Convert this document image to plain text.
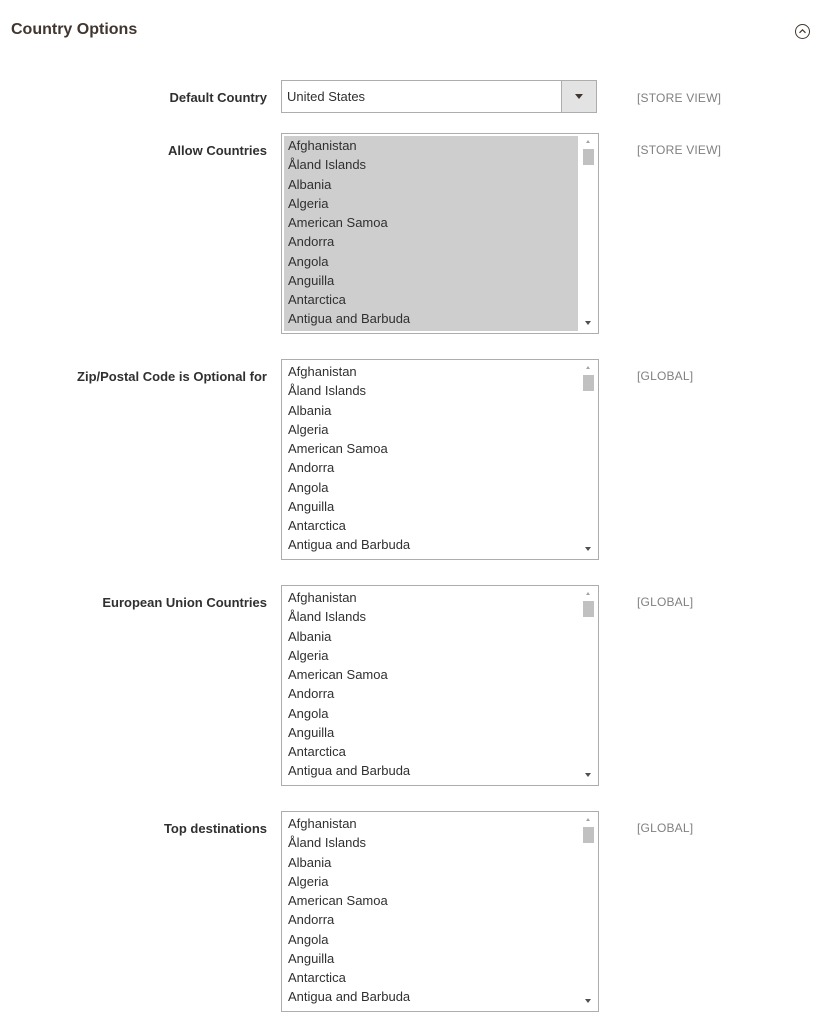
Country Options
Default Country United States	[STORE VIEW]
Allow Countries	Afghanistan
Åland Islands
Albania
Algeria
American Samoa
Andorra
Angola
Anguilla
Antarctica
Antigua and Barbuda
[STORE VIEW]
Zip/Postal Code is Optional for	Afghanistan
Åland Islands
Albania
Algeria
American Samoa
Andorra
Angola
Anguilla
Antarctica
Antigua and Barbuda
[GLOBAL]
European Union Countries	Afghanistan
Åland Islands
Albania
Algeria
American Samoa
Andorra
Angola
Anguilla
Antarctica
Antigua and Barbuda
[GLOBAL]
Top destinations	Afghanistan
Åland Islands
Albania
Algeria
American Samoa
Andorra
Angola
Anguilla
Antarctica
Antigua and Barbuda
[GLOBAL]
